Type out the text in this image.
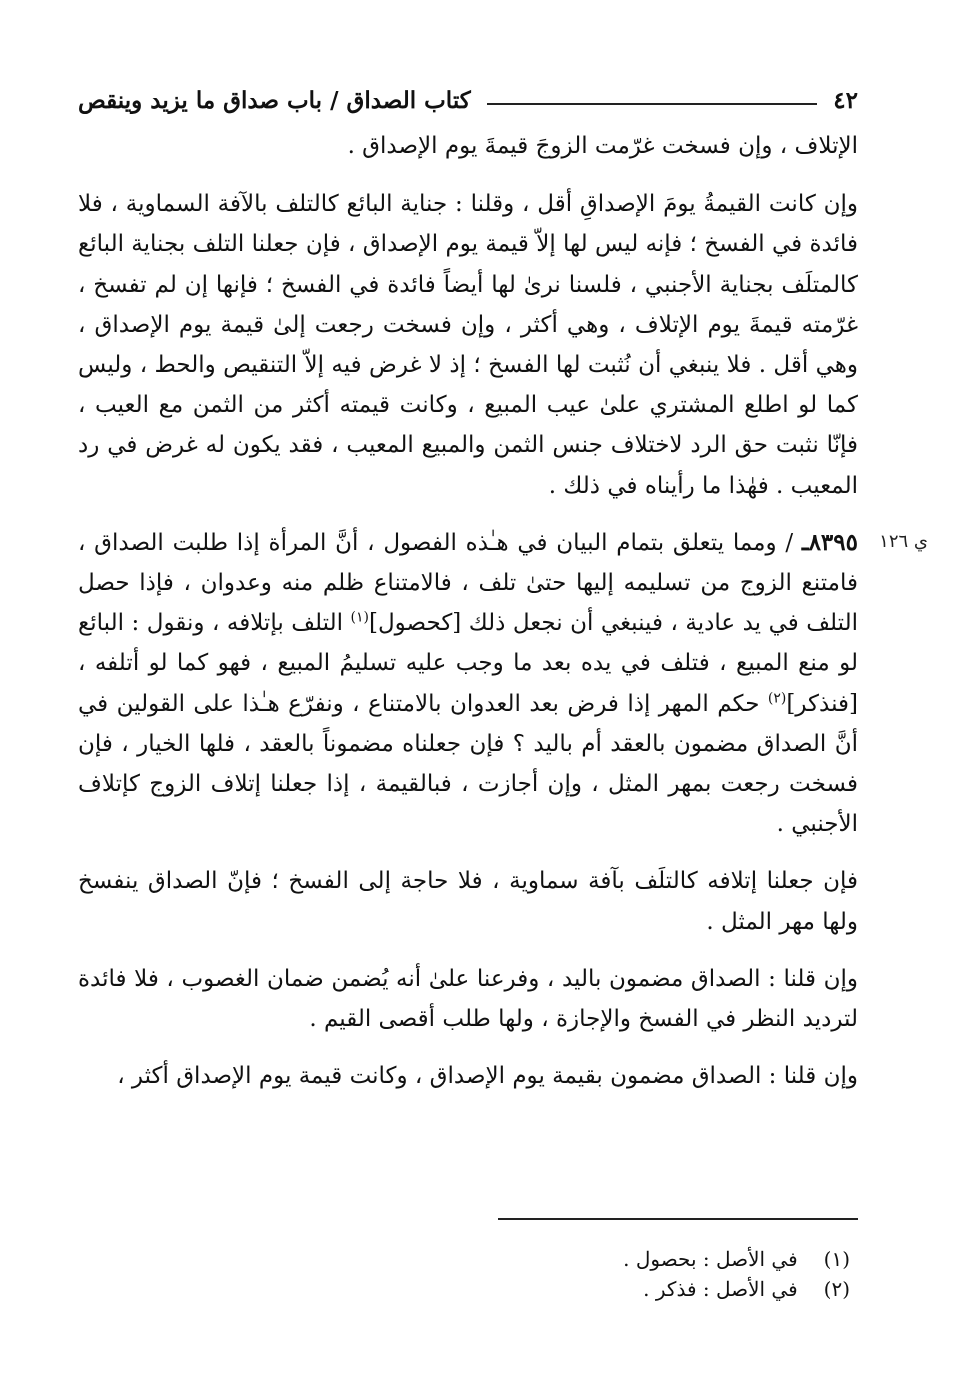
٤٢
كتاب الصداق / باب صداق ما يزيد وينقص

الإتلاف ، وإن فسخت غرّمت الزوجَ قيمةَ يوم الإصداق .

وإن كانت القيمةُ يومَ الإصداقِ أقل ، وقلنا : جناية البائع كالتلف بالآفة السماوية ، فلا فائدة في الفسخ ؛ فإنه ليس لها إلاّ قيمة يوم الإصداق ، فإن جعلنا التلف بجناية البائع كالمتلَف بجناية الأجنبي ، فلسنا نرىٰ لها أيضاً فائدة في الفسخ ؛ فإنها إن لم تفسخ ، غرّمته قيمةَ يوم الإتلاف ، وهي أكثر ، وإن فسخت رجعت إلىٰ قيمة يوم الإصداق ، وهي أقل . فلا ينبغي أن نُثبت لها الفسخ ؛ إذ لا غرض فيه إلاّ التنقيص والحط ، وليس كما لو اطلع المشتري علىٰ عيب المبيع ، وكانت قيمته أكثر من الثمن مع العيب ، فإنّا نثبت حق الرد لاختلاف جنس الثمن والمبيع المعيب ، فقد يكون له غرض في رد المعيب . فهٰذا ما رأيناه في ذلك .

ي ١٢٦
٨٣٩٥ـ / ومما يتعلق بتمام البيان في هـٰذه الفصول ، أنَّ المرأة إذا طلبت الصداق ، فامتنع الزوج من تسليمه إليها حتىٰ تلف ، فالامتناع ظلم منه وعدوان ، فإذا حصل التلف في يد عادية ، فينبغي أن نجعل ذلك [كحصول]$^{(١)}$ التلف بإتلافه ، ونقول : البائع لو منع المبيع ، فتلف في يده بعد ما وجب عليه تسليمُ المبيع ، فهو كما لو أتلفه ، [فنذكر]$^{(٢)}$ حكم المهر إذا فرض بعد العدوان بالامتناع ، ونفرّع هـٰذا على القولين في أنَّ الصداق مضمون بالعقد أم باليد ؟ فإن جعلناه مضموناً بالعقد ، فلها الخيار ، فإن فسخت رجعت بمهر المثل ، وإن أجازت ، فبالقيمة ، إذا جعلنا إتلاف الزوج كإتلاف الأجنبي .

فإن جعلنا إتلافه كالتلَف بآفة سماوية ، فلا حاجة إلى الفسخ ؛ فإنّ الصداق ينفسخ ولها مهر المثل .

وإن قلنا : الصداق مضمون باليد ، وفرعنا علىٰ أنه يُضمن ضمان الغصوب ، فلا فائدة لترديد النظر في الفسخ والإجازة ، ولها طلب أقصى القيم .

وإن قلنا : الصداق مضمون بقيمة يوم الإصداق ، وكانت قيمة يوم الإصداق أكثر ،

(١) في الأصل : بحصول .
(٢) في الأصل : فذكر .
